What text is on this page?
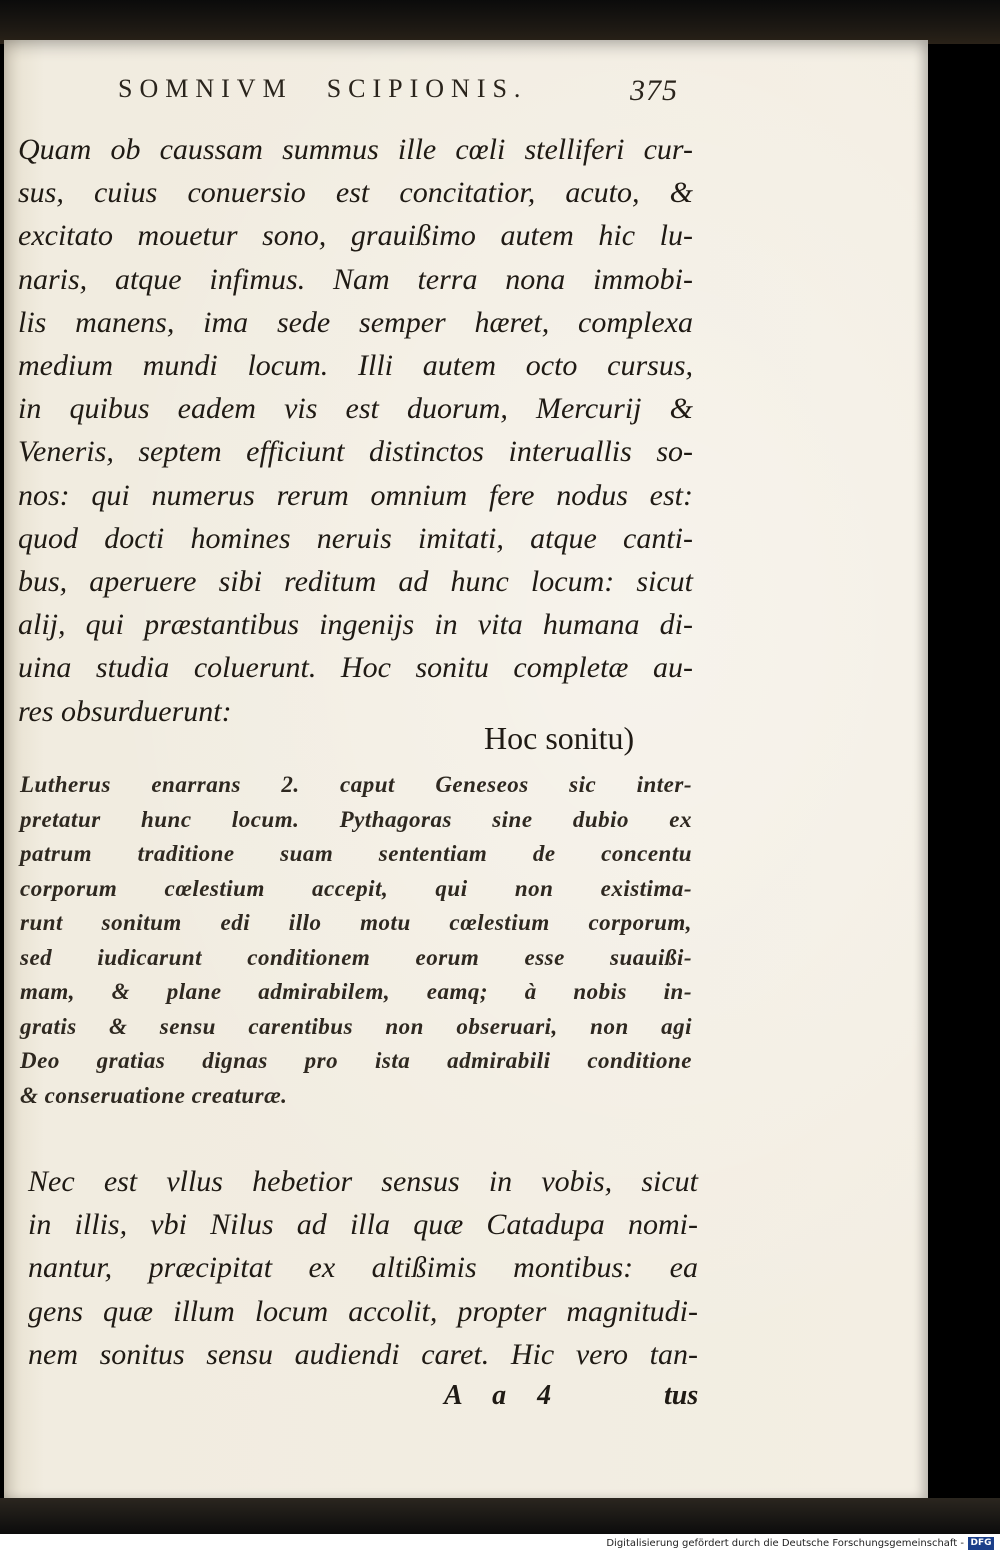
SOMNIVM SCIPIONIS.	375
Quam ob caussam summus ille cœli stelliferi cur-
sus, cuius conuersio est concitatior, acuto, &
excitato mouetur sono, grauißimo autem hic lu-
naris, atque infimus. Nam terra nona immobi-
lis manens, ima sede semper hæret, complexa
medium mundi locum. Illi autem octo cursus,
in quibus eadem vis est duorum, Mercurij &
Veneris, septem efficiunt distinctos interuallis so-
nos: qui numerus rerum omnium fere nodus est:
quod docti homines neruis imitati, atque canti-
bus, aperuere sibi reditum ad hunc locum: sicut
alij, qui præstantibus ingenijs in vita humana di-
uina studia coluerunt. Hoc sonitu completæ au-
res obsurduerunt:
Hoc sonitu)
Lutherus enarrans 2. caput Geneseos sic inter-
pretatur hunc locum. Pythagoras sine dubio ex
patrum traditione suam sententiam de concentu
corporum cœlestium accepit, qui non existima-
runt sonitum edi illo motu cœlestium corporum,
sed iudicarunt conditionem eorum esse suauißi-
mam, & plane admirabilem, eamq; à nobis in-
gratis & sensu carentibus non obseruari, non agi
Deo gratias dignas pro ista admirabili conditione
& conseruatione creaturæ.
Nec est vllus hebetior sensus in vobis, sicut
in illis, vbi Nilus ad illa quæ Catadupa nomi-
nantur, præcipitat ex altißimis montibus: ea
gens quæ illum locum accolit, propter magnitudi-
nem sonitus sensu audiendi caret. Hic vero tan-
A a 4	tus
Digitalisierung gefördert durch die Deutsche Forschungsgemeinschaft - DFG
